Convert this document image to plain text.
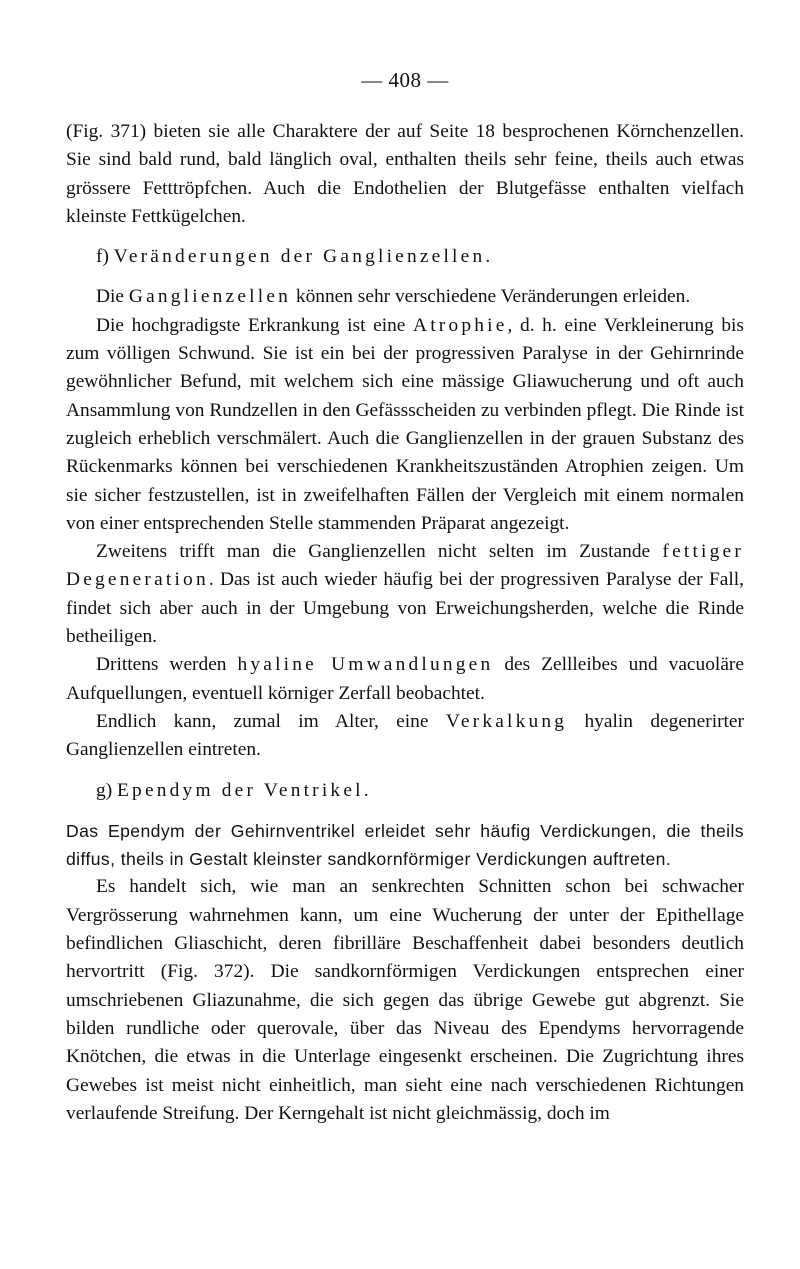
— 408 —

(Fig. 371) bieten sie alle Charaktere der auf Seite 18 besprochenen Körnchenzellen. Sie sind bald rund, bald länglich oval, enthalten theils sehr feine, theils auch etwas grössere Fetttröpfchen. Auch die Endothelien der Blutgefässe enthalten vielfach kleinste Fettkügelchen.

f) Veränderungen der Ganglienzellen.

Die Ganglienzellen können sehr verschiedene Veränderungen erleiden.

Die hochgradigste Erkrankung ist eine Atrophie, d. h. eine Verkleinerung bis zum völligen Schwund. Sie ist ein bei der progressiven Paralyse in der Gehirnrinde gewöhnlicher Befund, mit welchem sich eine mässige Gliawucherung und oft auch Ansammlung von Rundzellen in den Gefässscheiden zu verbinden pflegt. Die Rinde ist zugleich erheblich verschmälert. Auch die Ganglienzellen in der grauen Substanz des Rückenmarks können bei verschiedenen Krankheitszuständen Atrophien zeigen. Um sie sicher festzustellen, ist in zweifelhaften Fällen der Vergleich mit einem normalen von einer entsprechenden Stelle stammenden Präparat angezeigt.

Zweitens trifft man die Ganglienzellen nicht selten im Zustande fettiger Degeneration. Das ist auch wieder häufig bei der progressiven Paralyse der Fall, findet sich aber auch in der Umgebung von Erweichungsherden, welche die Rinde betheiligen.

Drittens werden hyaline Umwandlungen des Zellleibes und vacuoläre Aufquellungen, eventuell körniger Zerfall beobachtet.

Endlich kann, zumal im Alter, eine Verkalkung hyalin degenerirter Ganglienzellen eintreten.

g) Ependym der Ventrikel.

Das Ependym der Gehirnventrikel erleidet sehr häufig Verdickungen, die theils diffus, theils in Gestalt kleinster sandkornförmiger Verdickungen auftreten.

Es handelt sich, wie man an senkrechten Schnitten schon bei schwacher Vergrösserung wahrnehmen kann, um eine Wucherung der unter der Epithellage befindlichen Gliaschicht, deren fibrilläre Beschaffenheit dabei besonders deutlich hervortritt (Fig. 372). Die sandkornförmigen Verdickungen entsprechen einer umschriebenen Gliazunahme, die sich gegen das übrige Gewebe gut abgrenzt. Sie bilden rundliche oder querovale, über das Niveau des Ependyms hervorragende Knötchen, die etwas in die Unterlage eingesenkt erscheinen. Die Zugrichtung ihres Gewebes ist meist nicht einheitlich, man sieht eine nach verschiedenen Richtungen verlaufende Streifung. Der Kerngehalt ist nicht gleichmässig, doch im
